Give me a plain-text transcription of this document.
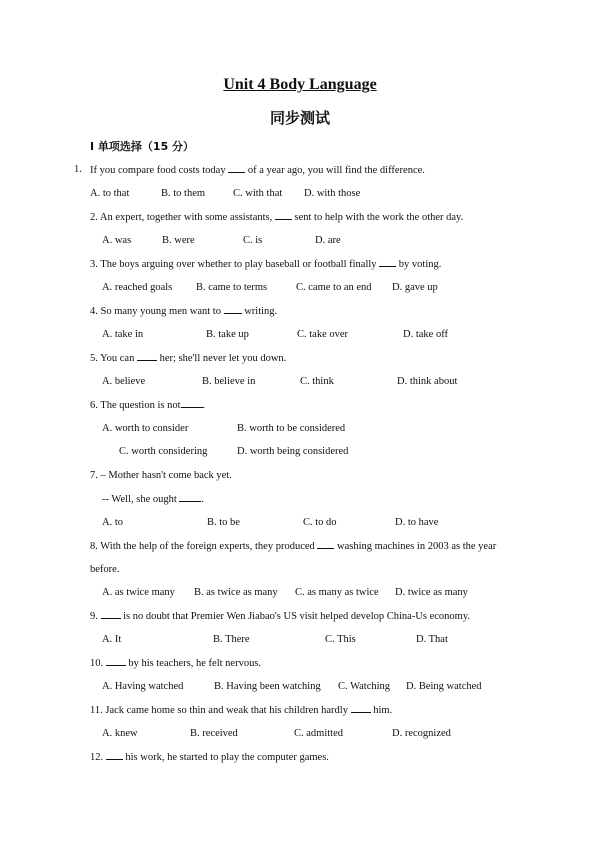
Unit 4 Body Language
同步测试
I 单项选择（15 分）
1. If you compare food costs today  of a year ago, you will find the difference.
A. to that	B. to them	C. with that D. with those
2. An expert, together with some assistants,  sent to help with the work the other day.
A. was	B. were	C. is	D. are
3. The boys arguing over whether to play baseball or football finally  by voting.
A. reached goals B. came to terms	C. came to an end D. gave up
4. So many young men want to  writing.
A. take in	B. take up	C. take over	D. take off
5. You can  her; she'll never let you down.
A. believe	B. believe in	C. think	D. think about
6. The question is not .
A. worth to consider	B. worth to be considered
C. worth considering	D. worth being considered
7. – Mother hasn't come back yet.
-- Well, she ought .
A. to	B. to be	C. to do	D. to have
8. With the help of the foreign experts, they produced  washing machines in 2003 as the year
before.
A. as twice many B. as twice as many C. as many as twice D. twice as many
9.  is no doubt that Premier Wen Jiabao's US visit helped develop China-Us economy.
A. It	B. There	C. This	D. That
10.  by his teachers, he felt nervous.
A. Having watched	B. Having been watching C. Watching D. Being watched
11. Jack came home so thin and weak that his children hardly  him.
A. knew	B. received	C. admitted	D. recognized
12.  his work, he started to play the computer games.
